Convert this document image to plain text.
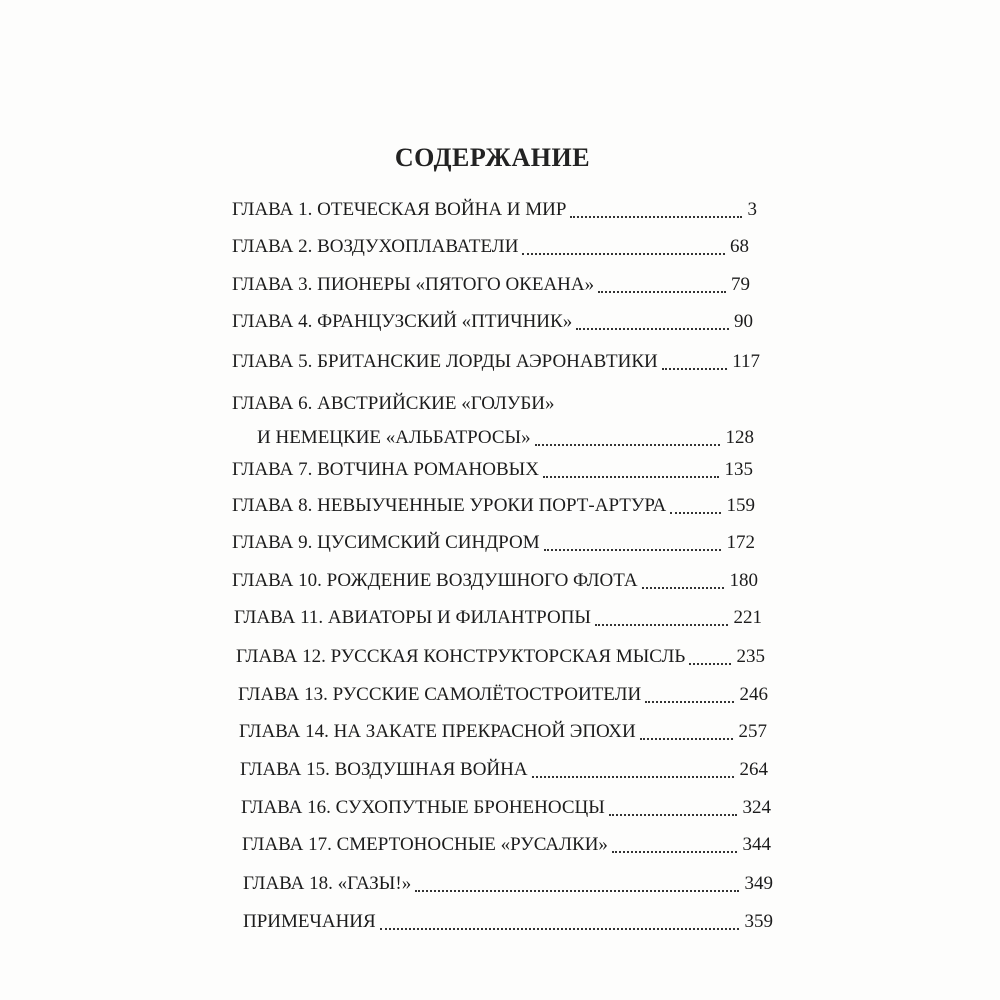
СОДЕРЖАНИЕ
ГЛАВА 1. ОТЕЧЕСКАЯ ВОЙНА И МИР	3
ГЛАВА 2. ВОЗДУХОПЛАВАТЕЛИ	68
ГЛАВА 3. ПИОНЕРЫ «ПЯТОГО ОКЕАНА»	79
ГЛАВА 4. ФРАНЦУЗСКИЙ «ПТИЧНИК»	90
ГЛАВА 5. БРИТАНСКИЕ ЛОРДЫ АЭРОНАВТИКИ	117
ГЛАВА 6. АВСТРИЙСКИЕ «ГОЛУБИ»
И НЕМЕЦКИЕ «АЛЬБАТРОСЫ»	128
ГЛАВА 7. ВОТЧИНА РОМАНОВЫХ	135
ГЛАВА 8. НЕВЫУЧЕННЫЕ УРОКИ ПОРТ-АРТУРА	159
ГЛАВА 9. ЦУСИМСКИЙ СИНДРОМ	172
ГЛАВА 10. РОЖДЕНИЕ ВОЗДУШНОГО ФЛОТА	180
ГЛАВА 11. АВИАТОРЫ И ФИЛАНТРОПЫ	221
ГЛАВА 12. РУССКАЯ КОНСТРУКТОРСКАЯ МЫСЛЬ	235
ГЛАВА 13. РУССКИЕ САМОЛЁТОСТРОИТЕЛИ	246
ГЛАВА 14. НА ЗАКАТЕ ПРЕКРАСНОЙ ЭПОХИ	257
ГЛАВА 15. ВОЗДУШНАЯ ВОЙНА	264
ГЛАВА 16. СУХОПУТНЫЕ БРОНЕНОСЦЫ	324
ГЛАВА 17. СМЕРТОНОСНЫЕ «РУСАЛКИ»	344
ГЛАВА 18. «ГАЗЫ!»	349
ПРИМЕЧАНИЯ	359
